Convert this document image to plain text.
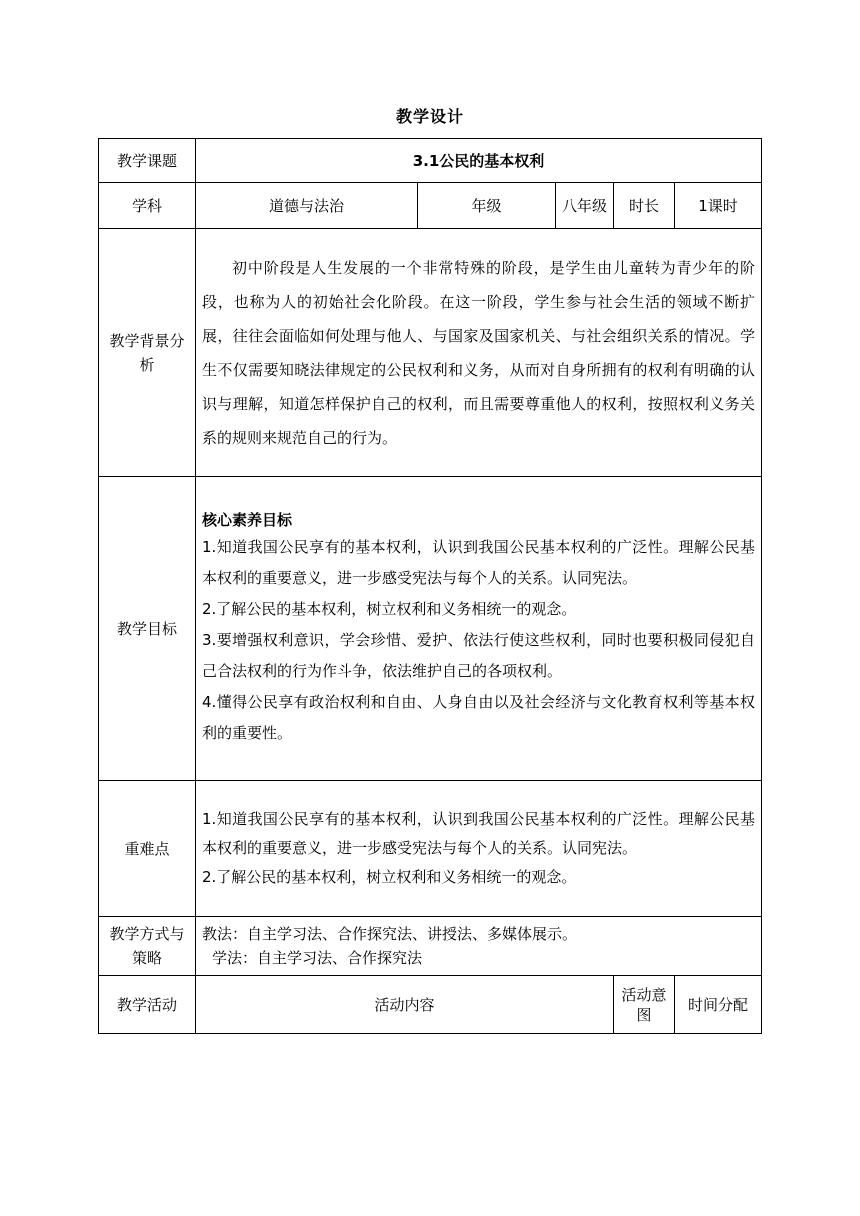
教学设计
教学课题	3.1公民的基本权利				
学科	道德与法治	年级	八年级	时长	1课时
教学背景分析	初中阶段是人生发展的一个非常特殊的阶段，是学生由儿童转为青少年的阶段，也称为人的初始社会化阶段。在这一阶段，学生参与社会生活的领域不断扩展，往往会面临如何处理与他人、与国家及国家机关、与社会组织关系的情况。学生不仅需要知晓法律规定的公民权利和义务，从而对自身所拥有的权利有明确的认识与理解，知道怎样保护自己的权利，而且需要尊重他人的权利，按照权利义务关系的规则来规范自己的行为。				

教学目标	核心素养目标
1.知道我国公民享有的基本权利，认识到我国公民基本权利的广泛性。理解公民基本权利的重要意义，进一步感受宪法与每个人的关系。认同宪法。
2.了解公民的基本权利，树立权利和义务相统一的观念。
3.要增强权利意识，学会珍惜、爱护、依法行使这些权利，同时也要积极同侵犯自己合法权利的行为作斗争，依法维护自己的各项权利。
4.懂得公民享有政治权利和自由、人身自由以及社会经济与文化教育权利等基本权利的重要性。				

重难点	1.知道我国公民享有的基本权利，认识到我国公民基本权利的广泛性。理解公民基本权利的重要意义，进一步感受宪法与每个人的关系。认同宪法。
2.了解公民的基本权利，树立权利和义务相统一的观念。				

教学方式与策略	教法：自主学习法、合作探究法、讲授法、多媒体展示。
学法：自主学习法、合作探究法				

教学活动	活动内容			活动意图	时间分配
